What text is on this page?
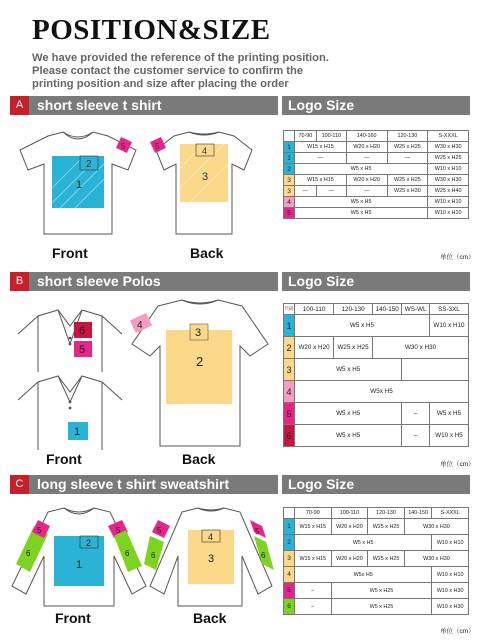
POSITION&SIZE
We have provided the reference of the printing position.
Please contact the customer service to confirm the
printing position and size after placing the order
A short sleeve t shirt	Logo Size
1
2
5	4
3
5
Front	Back
	70-90	100-110	140-160	120-130	S-XXXL
1	W15 x H15		W20 x H20	W25 x H25	W30 x H30
1	—		—	—	W25 x H25
2	W5 x H5				W10 x H10
3	W15 x H15		W20 x H20	W25 x H25	W30 x H30
3	—	—	—	W25 x H30	W25 x H40
4	W5 x H5				W10 x H10
5	W5 x H5				W10 x H10
单位（cm）
B short sleeve Polos	Logo Size
6
5
1
3
2
4
Front	Back
尺码	100-110	120-130	140-150	WS-WL	SS-3XL
1	W5 x H5				W10 x H10
2	W20 x H20	W25 x H25	W30 x H30		
3	W5 x H5				
4	W5x H5				
5	W5 x H5			–	W5 x H5
6	W5 x H5			–	W10 x H5
单位（cm）
C long sleeve t shirt sweatshirt	Logo Size
5
6
2
1
5
6
4
3
5
6
5
6
Front	Back
	70-90	100-110	120-130	140-150	S-XXXL
1	W15 x H15	W20 x H20	W25 x H25	W30 x H30	
2	W5 x H5				W10 x H10
3	W15 x H15	W20 x H20	W25 x H25	W30 x H30	
4	W5x H5				W10 x H10
5	–	W5 x H25			W10 x H30
6	–	W5 x H25			W10 x H30
单位（cm）
